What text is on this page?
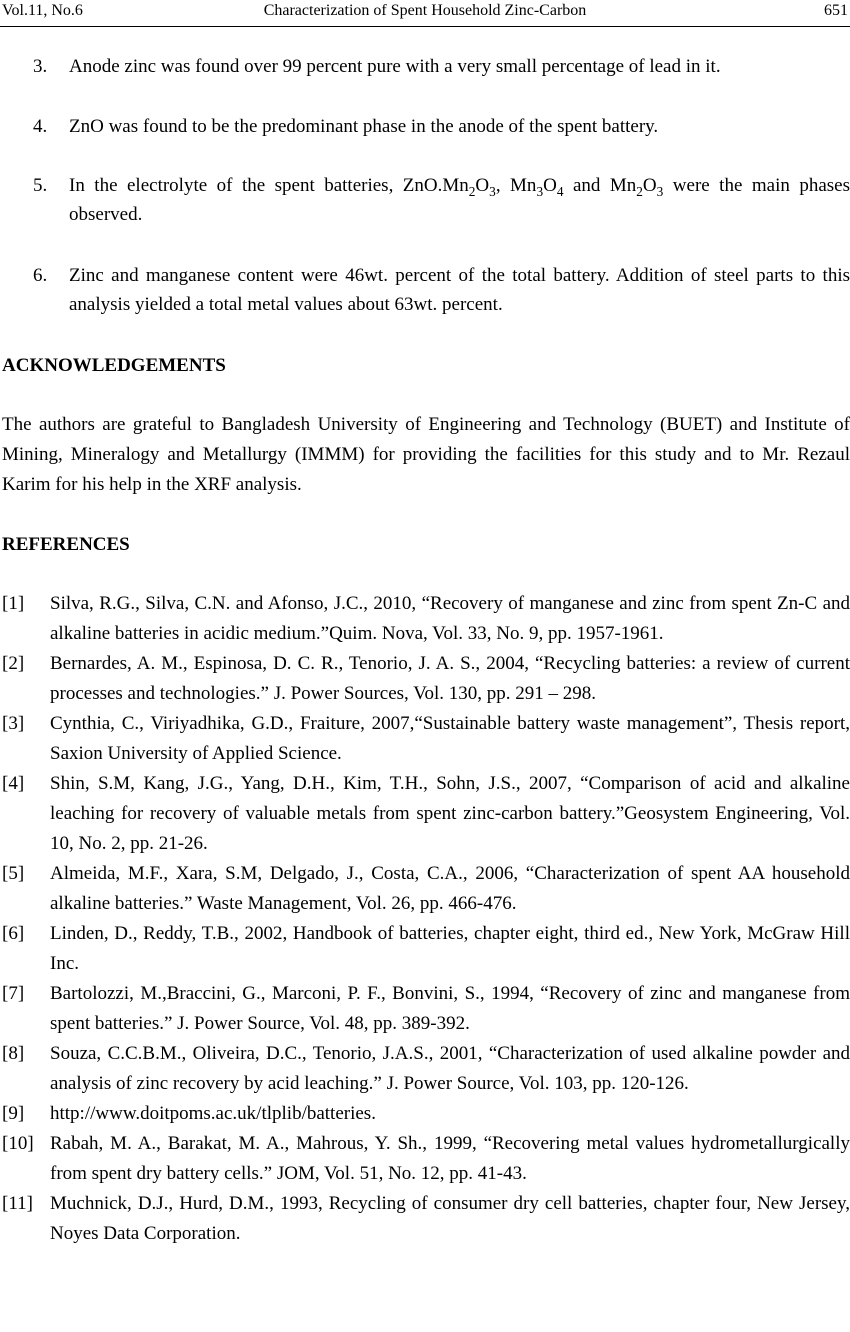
Vol.11, No.6	Characterization of Spent Household Zinc-Carbon	651
3. Anode zinc was found over 99 percent pure with a very small percentage of lead in it.
4. ZnO was found to be the predominant phase in the anode of the spent battery.
5. In the electrolyte of the spent batteries, $ZnO.Mn_2O_3$, $Mn_3O_4$ and $Mn_2O_3$ were the main phases observed.
6. Zinc and manganese content were 46wt. percent of the total battery. Addition of steel parts to this analysis yielded a total metal values about 63wt. percent.
ACKNOWLEDGEMENTS
The authors are grateful to Bangladesh University of Engineering and Technology (BUET) and Institute of Mining, Mineralogy and Metallurgy (IMMM) for providing the facilities for this study and to Mr. Rezaul Karim for his help in the XRF analysis.
REFERENCES
[1] Silva, R.G., Silva, C.N. and Afonso, J.C., 2010, “Recovery of manganese and zinc from spent Zn-C and alkaline batteries in acidic medium.”Quim. Nova, Vol. 33, No. 9, pp. 1957-1961.
[2] Bernardes, A. M., Espinosa, D. C. R., Tenorio, J. A. S., 2004, “Recycling batteries: a review of current processes and technologies.” J. Power Sources, Vol. 130, pp. 291 – 298.
[3] Cynthia, C., Viriyadhika, G.D., Fraiture, 2007,“Sustainable battery waste management”, Thesis report, Saxion University of Applied Science.
[4] Shin, S.M, Kang, J.G., Yang, D.H., Kim, T.H., Sohn, J.S., 2007, “Comparison of acid and alkaline leaching for recovery of valuable metals from spent zinc-carbon battery.”Geosystem Engineering, Vol. 10, No. 2, pp. 21-26.
[5] Almeida, M.F., Xara, S.M, Delgado, J., Costa, C.A., 2006, “Characterization of spent AA household alkaline batteries.” Waste Management, Vol. 26, pp. 466-476.
[6] Linden, D., Reddy, T.B., 2002, Handbook of batteries, chapter eight, third ed., New York, McGraw Hill Inc.
[7] Bartolozzi, M.,Braccini, G., Marconi, P. F., Bonvini, S., 1994, “Recovery of zinc and manganese from spent batteries.” J. Power Source, Vol. 48, pp. 389-392.
[8] Souza, C.C.B.M., Oliveira, D.C., Tenorio, J.A.S., 2001, “Characterization of used alkaline powder and analysis of zinc recovery by acid leaching.” J. Power Source, Vol. 103, pp. 120-126.
[9] http://www.doitpoms.ac.uk/tlplib/batteries.
[10] Rabah, M. A., Barakat, M. A., Mahrous, Y. Sh., 1999, “Recovering metal values hydrometallurgically from spent dry battery cells.” JOM, Vol. 51, No. 12, pp. 41-43.
[11] Muchnick, D.J., Hurd, D.M., 1993, Recycling of consumer dry cell batteries, chapter four, New Jersey, Noyes Data Corporation.
